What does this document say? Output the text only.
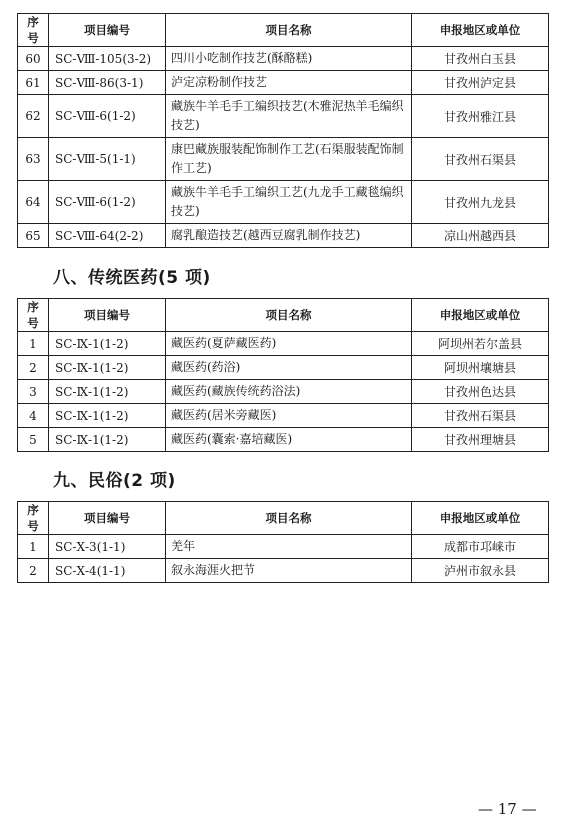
序号	项目编号	项目名称	申报地区或单位
60	SC-Ⅷ-105(3-2)	四川小吃制作技艺(酥酪糕)	甘孜州白玉县
61	SC-Ⅷ-86(3-1)	泸定凉粉制作技艺	甘孜州泸定县
62	SC-Ⅷ-6(1-2)	藏族牛羊毛手工编织技艺(木雅泥热羊毛编织技艺)	甘孜州雅江县
63	SC-Ⅷ-5(1-1)	康巴藏族服装配饰制作工艺(石渠服装配饰制作工艺)	甘孜州石渠县
64	SC-Ⅷ-6(1-2)	藏族牛羊毛手工编织工艺(九龙手工藏毯编织技艺)	甘孜州九龙县
65	SC-Ⅷ-64(2-2)	腐乳酿造技艺(越西豆腐乳制作技艺)	凉山州越西县
八、传统医药(5 项)
序号	项目编号	项目名称	申报地区或单位
1	SC-Ⅸ-1(1-2)	藏医药(夏萨藏医药)	阿坝州若尔盖县
2	SC-Ⅸ-1(1-2)	藏医药(药浴)	阿坝州壤塘县
3	SC-Ⅸ-1(1-2)	藏医药(藏族传统药浴法)	甘孜州色达县
4	SC-Ⅸ-1(1-2)	藏医药(居米旁藏医)	甘孜州石渠县
5	SC-Ⅸ-1(1-2)	藏医药(囊索·嘉培藏医)	甘孜州理塘县
九、民俗(2 项)
序号	项目编号	项目名称	申报地区或单位
1	SC-Ⅹ-3(1-1)	羌年	成都市邛崃市
2	SC-Ⅹ-4(1-1)	叙永海涯火把节	泸州市叙永县
— 17 —
